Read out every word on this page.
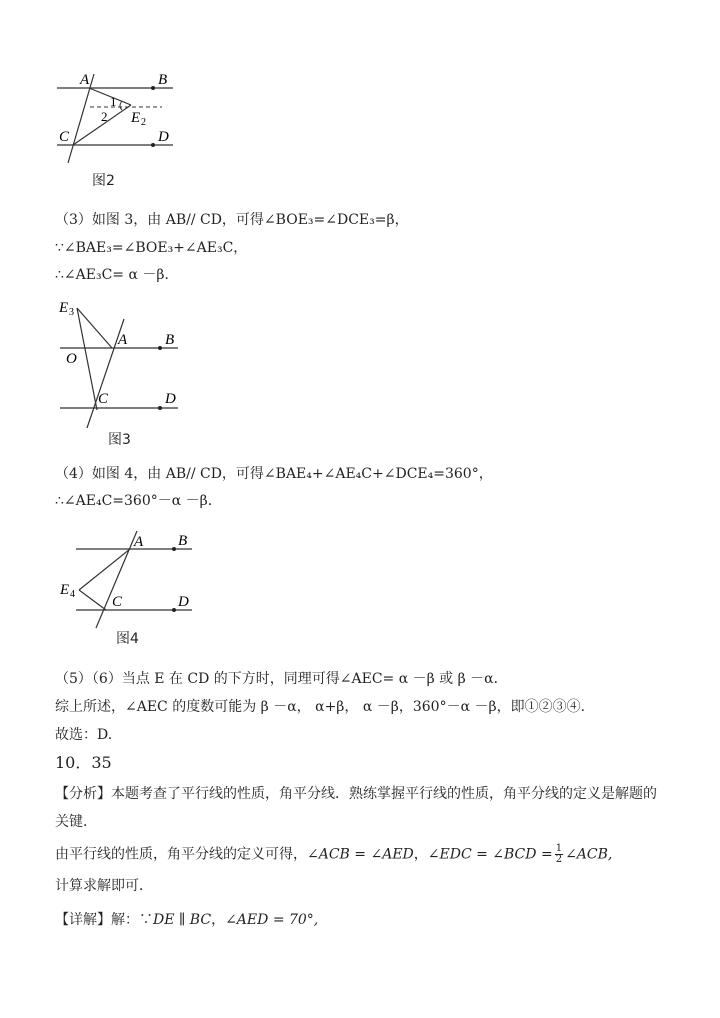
A	B
1
2 E 2
C	D
图2
（3）如图 3，由 AB// CD，可得∠BOE₃=∠DCE₃=β，
∵∠BAE₃=∠BOE₃+∠AE₃C，
∴∠AE₃C= α －β．
E 3
O
A	B
C	D
图3
（4）如图 4，由 AB// CD，可得∠BAE₄+∠AE₄C+∠DCE₄=360°，
∴∠AE₄C=360°－α －β．
A B
E 4 C	D
图4
（5）（6）当点 E 在 CD 的下方时，同理可得∠AEC= α －β 或 β －α．
综上所述，∠AEC 的度数可能为 β －α， α+β， α －β，360°－α －β，即①②③④．
故选：D.
10．35
【分析】本题考查了平行线的性质，角平分线．熟练掌握平行线的性质，角平分线的定义是解题的
关键．
由平行线的性质，角平分线的定义可得，∠ACB = ∠AED，∠EDC = ∠BCD = $\frac{1}{2}$ ∠ACB,
计算求解即可．
【详解】解：∵DE ∥ BC，∠AED = 70°,
